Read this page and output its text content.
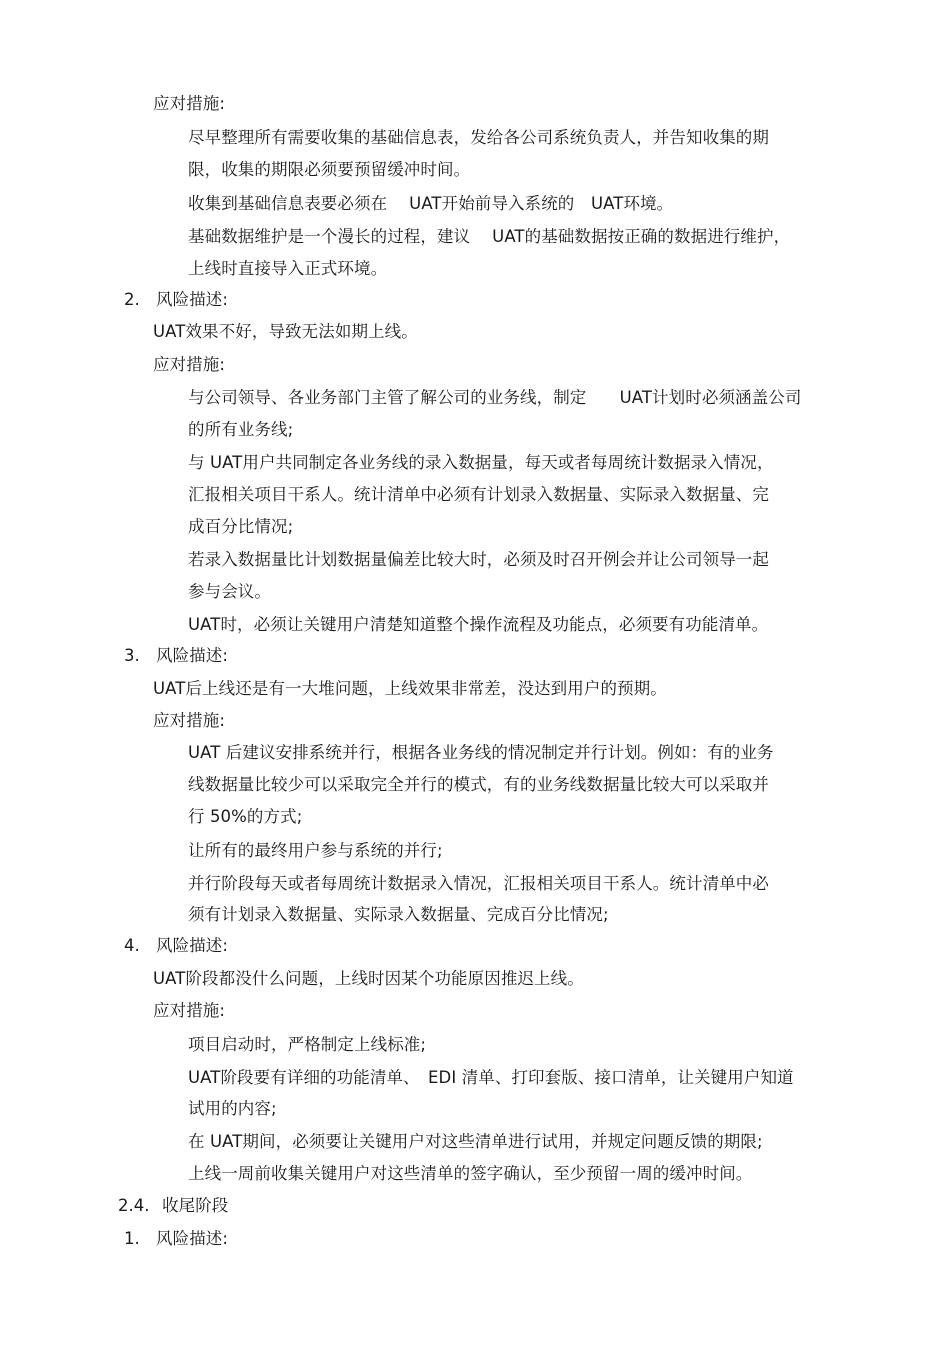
应对措施:
尽早整理所有需要收集的基础信息表，发给各公司系统负责人，并告知收集的期
限，收集的期限必须要预留缓冲时间。
收集到基础信息表要必须在　 UAT开始前导入系统的　UAT环境。
基础数据维护是一个漫长的过程，建议　 UAT的基础数据按正确的数据进行维护，
上线时直接导入正式环境。
2. 风险描述:
UAT效果不好，导致无法如期上线。
应对措施:
与公司领导、各业务部门主管了解公司的业务线，制定　　UAT计划时必须涵盖公司
的所有业务线;
与 UAT用户共同制定各业务线的录入数据量，每天或者每周统计数据录入情况，
汇报相关项目干系人。统计清单中必须有计划录入数据量、实际录入数据量、完
成百分比情况;
若录入数据量比计划数据量偏差比较大时，必须及时召开例会并让公司领导一起
参与会议。
UAT时，必须让关键用户清楚知道整个操作流程及功能点，必须要有功能清单。
3. 风险描述:
UAT后上线还是有一大堆问题，上线效果非常差，没达到用户的预期。
应对措施:
UAT 后建议安排系统并行，根据各业务线的情况制定并行计划。例如：有的业务
线数据量比较少可以采取完全并行的模式，有的业务线数据量比较大可以采取并
行 50%的方式;
让所有的最终用户参与系统的并行;
并行阶段每天或者每周统计数据录入情况，汇报相关项目干系人。统计清单中必
须有计划录入数据量、实际录入数据量、完成百分比情况;
4. 风险描述:
UAT阶段都没什么问题，上线时因某个功能原因推迟上线。
应对措施:
项目启动时，严格制定上线标准;
UAT阶段要有详细的功能清单、　EDI 清单、打印套版、接口清单，让关键用户知道
试用的内容;
在 UAT期间，必须要让关键用户对这些清单进行试用，并规定问题反馈的期限;
上线一周前收集关键用户对这些清单的签字确认，至少预留一周的缓冲时间。
2.4. 收尾阶段
1. 风险描述:
